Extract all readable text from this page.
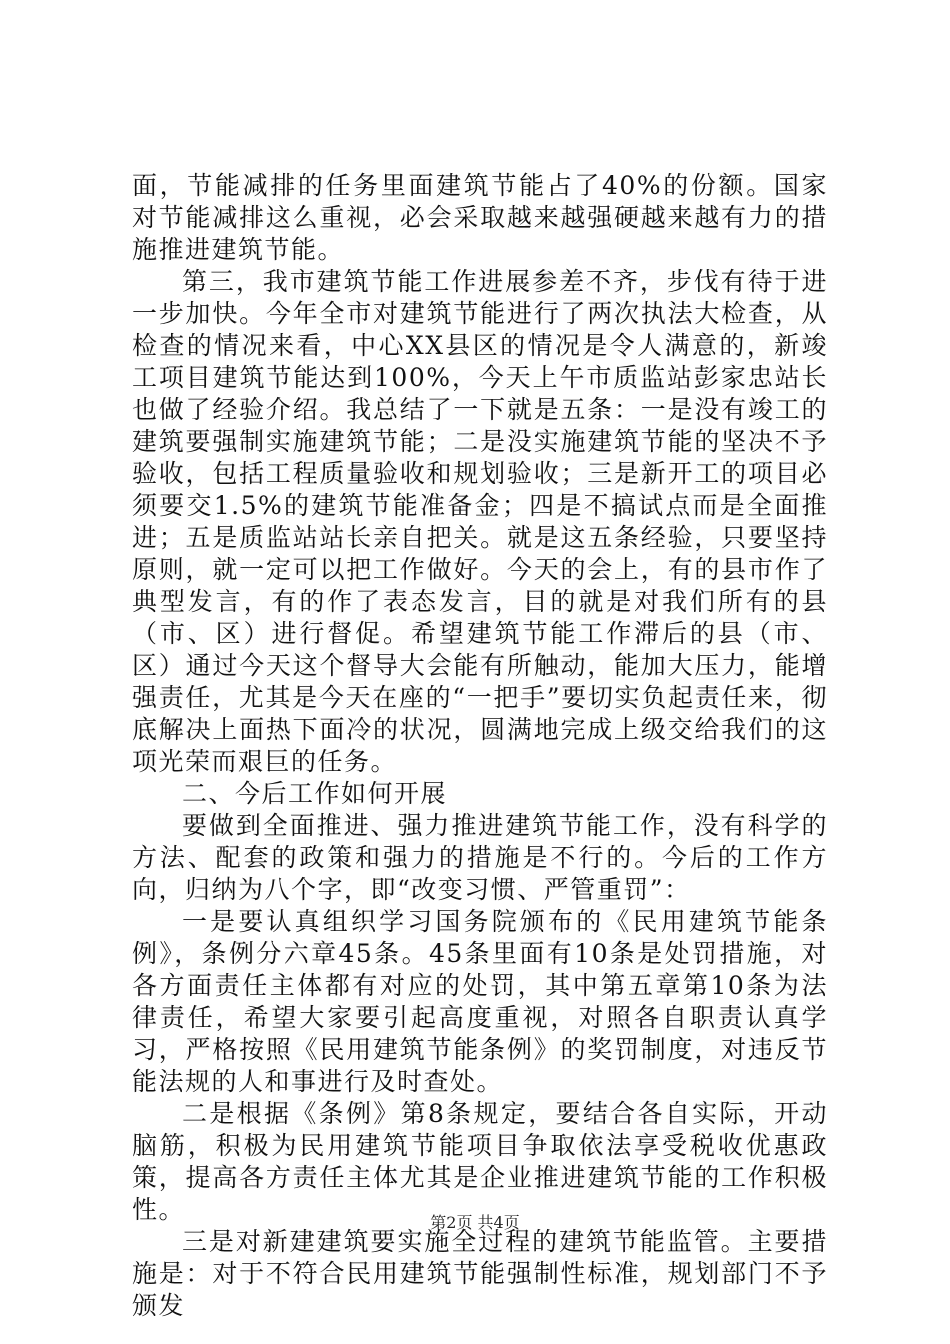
面，节能减排的任务里面建筑节能占了40%的份额。国家对节能减排这么重视，必会采取越来越强硬越来越有力的措施推进建筑节能。

第三，我市建筑节能工作进展参差不齐，步伐有待于进一步加快。今年全市对建筑节能进行了两次执法大检查，从检查的情况来看，中心XX县区的情况是令人满意的，新竣工项目建筑节能达到100%，今天上午市质监站彭家忠站长也做了经验介绍。我总结了一下就是五条：一是没有竣工的建筑要强制实施建筑节能；二是没实施建筑节能的坚决不予验收，包括工程质量验收和规划验收；三是新开工的项目必须要交1.5%的建筑节能准备金；四是不搞试点而是全面推进；五是质监站站长亲自把关。就是这五条经验，只要坚持原则，就一定可以把工作做好。今天的会上，有的县市作了典型发言，有的作了表态发言，目的就是对我们所有的县（市、区）进行督促。希望建筑节能工作滞后的县（市、区）通过今天这个督导大会能有所触动，能加大压力，能增强责任，尤其是今天在座的“一把手”要切实负起责任来，彻底解决上面热下面冷的状况，圆满地完成上级交给我们的这项光荣而艰巨的任务。

二、今后工作如何开展

要做到全面推进、强力推进建筑节能工作，没有科学的方法、配套的政策和强力的措施是不行的。今后的工作方向，归纳为八个字，即“改变习惯、严管重罚”：

一是要认真组织学习国务院颁布的《民用建筑节能条例》，条例分六章45条。45条里面有10条是处罚措施，对各方面责任主体都有对应的处罚，其中第五章第10条为法律责任，希望大家要引起高度重视，对照各自职责认真学习，严格按照《民用建筑节能条例》的奖罚制度，对违反节能法规的人和事进行及时查处。

二是根据《条例》第8条规定，要结合各自实际，开动脑筋，积极为民用建筑节能项目争取依法享受税收优惠政策，提高各方责任主体尤其是企业推进建筑节能的工作积极性。

三是对新建建筑要实施全过程的建筑节能监管。主要措施是：对于不符合民用建筑节能强制性标准，规划部门不予颁发

第2页 共4页
